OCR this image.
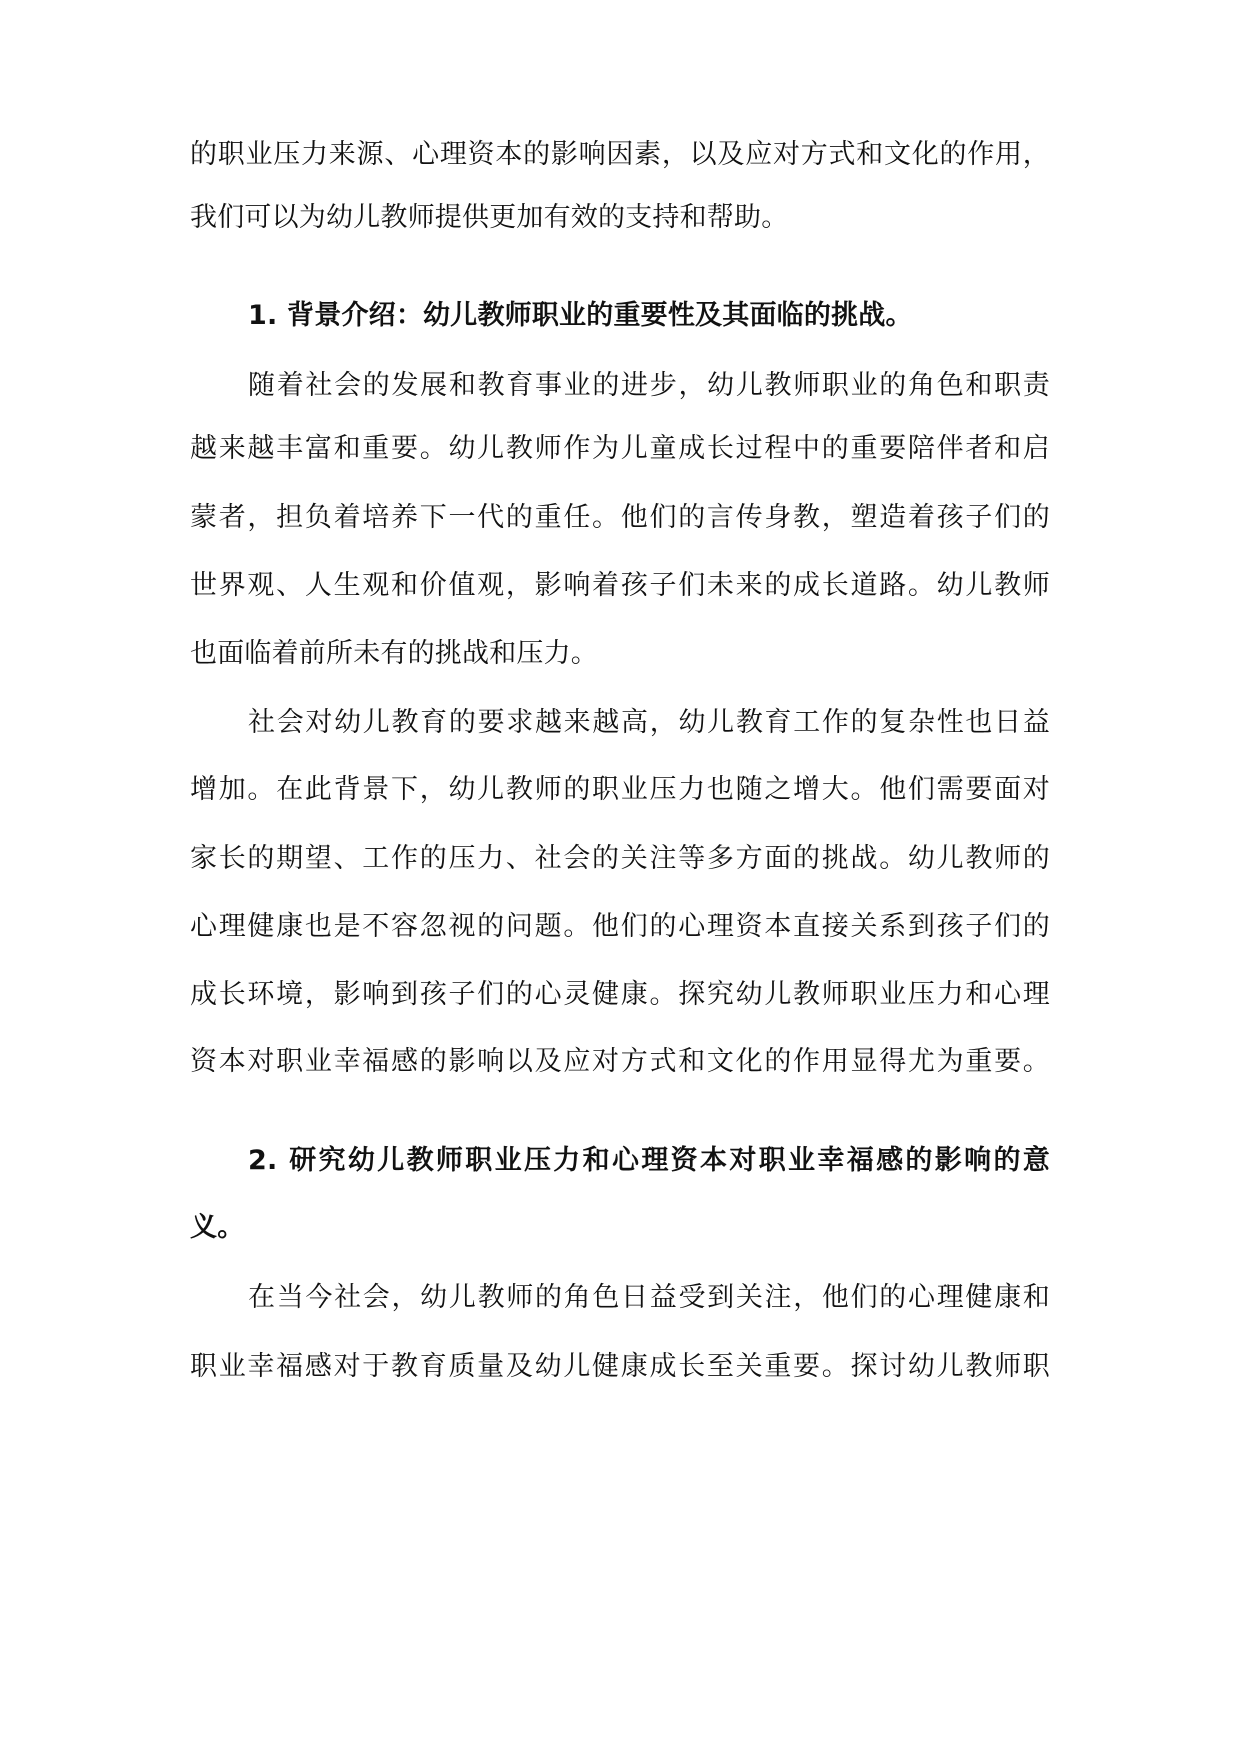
的职业压力来源、心理资本的影响因素，以及应对方式和文化的作用，
我们可以为幼儿教师提供更加有效的支持和帮助。
1. 背景介绍：幼儿教师职业的重要性及其面临的挑战。
随着社会的发展和教育事业的进步，幼儿教师职业的角色和职责
越来越丰富和重要。幼儿教师作为儿童成长过程中的重要陪伴者和启
蒙者，担负着培养下一代的重任。他们的言传身教，塑造着孩子们的
世界观、人生观和价值观，影响着孩子们未来的成长道路。幼儿教师
也面临着前所未有的挑战和压力。
社会对幼儿教育的要求越来越高，幼儿教育工作的复杂性也日益
增加。在此背景下，幼儿教师的职业压力也随之增大。他们需要面对
家长的期望、工作的压力、社会的关注等多方面的挑战。幼儿教师的
心理健康也是不容忽视的问题。他们的心理资本直接关系到孩子们的
成长环境，影响到孩子们的心灵健康。探究幼儿教师职业压力和心理
资本对职业幸福感的影响以及应对方式和文化的作用显得尤为重要。
2. 研究幼儿教师职业压力和心理资本对职业幸福感的影响的意
义。
在当今社会，幼儿教师的角色日益受到关注，他们的心理健康和
职业幸福感对于教育质量及幼儿健康成长至关重要。探讨幼儿教师职
